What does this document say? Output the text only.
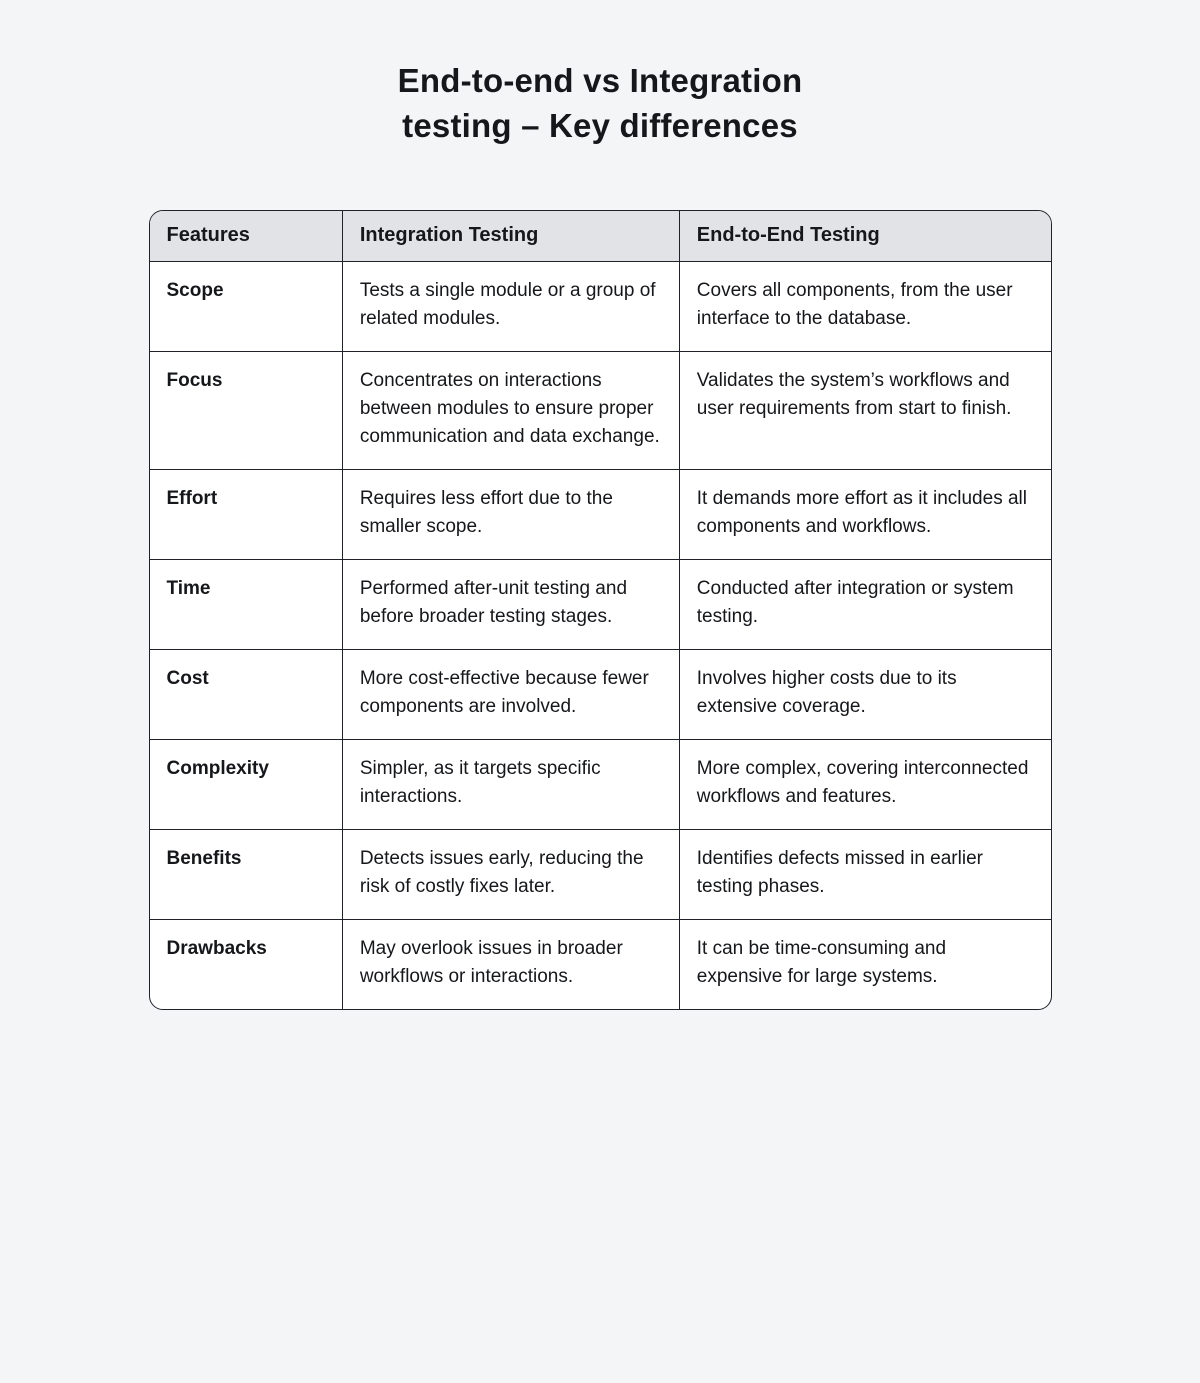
End-to-end vs Integration
testing – Key differences
Features	Integration Testing	End-to-End Testing
Scope	Tests a single module or a group of related modules.	Covers all components, from the user interface to the database.
Focus	Concentrates on interactions between modules to ensure proper communication and data exchange.	Validates the system’s workflows and user requirements from start to finish.
Effort	Requires less effort due to the smaller scope.	It demands more effort as it includes all components and workflows.
Time	Performed after-unit testing and before broader testing stages.	Conducted after integration or system testing.
Cost	More cost-effective because fewer components are involved.	Involves higher costs due to its extensive coverage.
Complexity	Simpler, as it targets specific interactions.	More complex, covering interconnected workflows and features.
Benefits	Detects issues early, reducing the risk of costly fixes later.	Identifies defects missed in earlier testing phases.
Drawbacks	May overlook issues in broader workflows or interactions.	It can be time-consuming and expensive for large systems.
